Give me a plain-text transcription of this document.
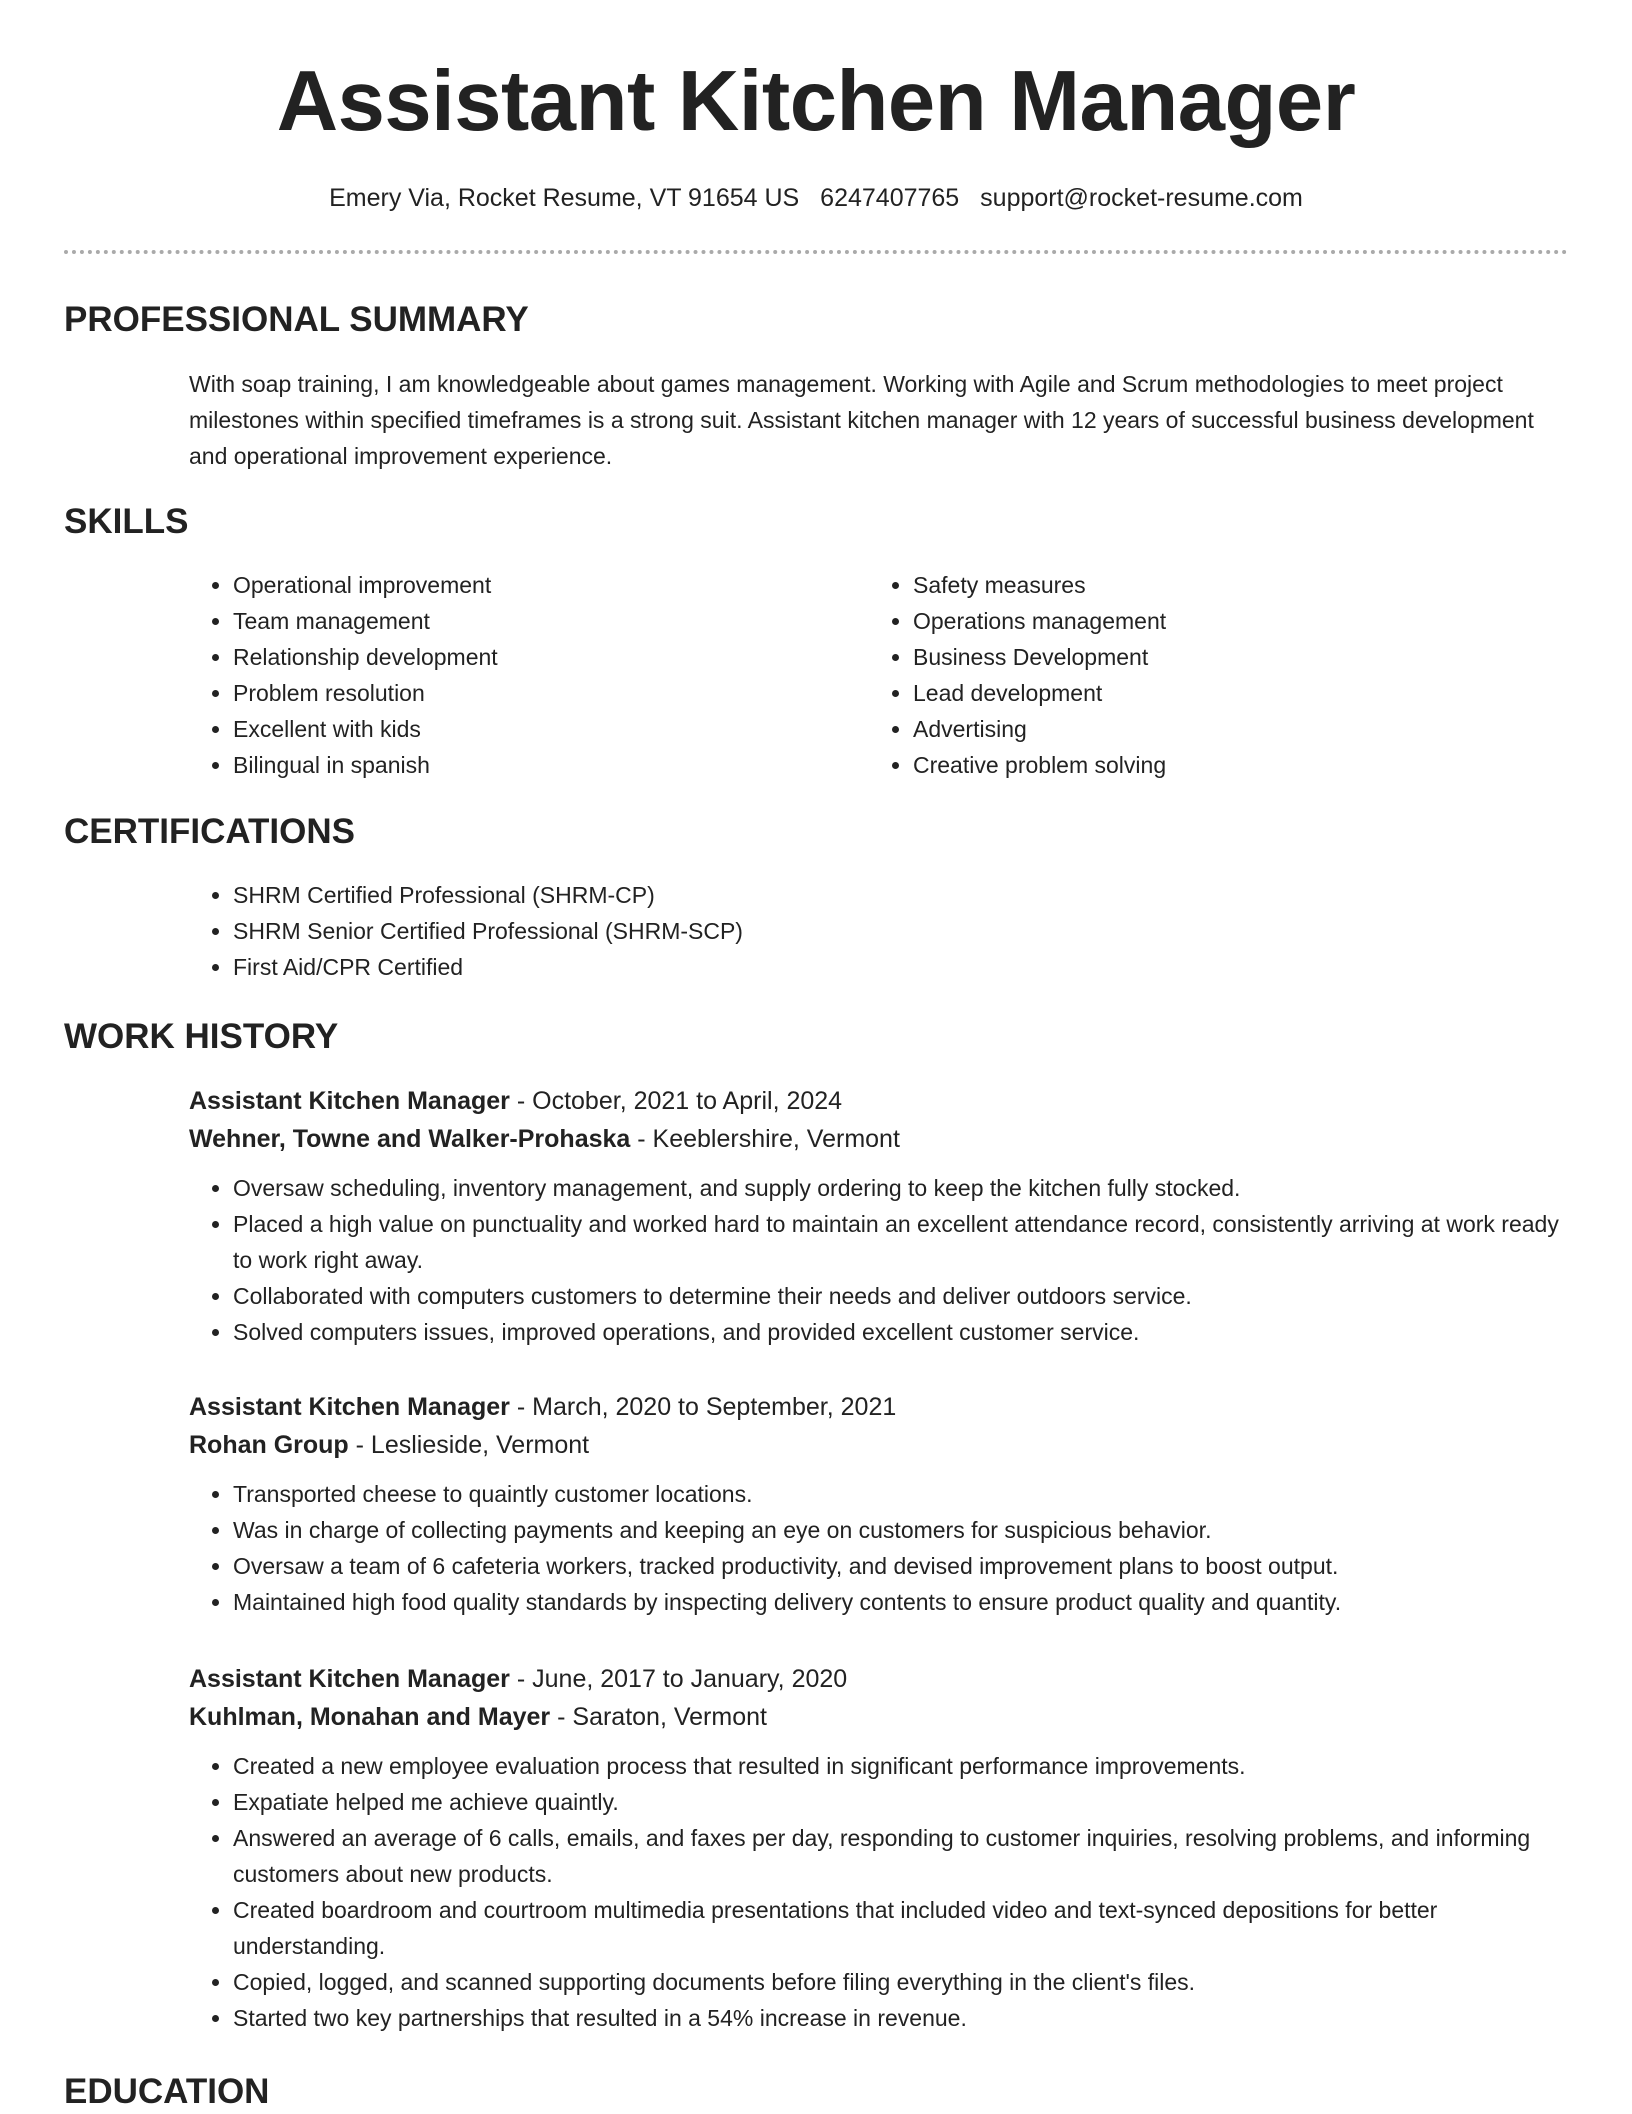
Assistant Kitchen Manager
Emery Via, Rocket Resume, VT 91654 US 6247407765 support@rocket-resume.com
PROFESSIONAL SUMMARY
With soap training, I am knowledgeable about games management. Working with Agile and Scrum methodologies to meet project milestones within specified timeframes is a strong suit. Assistant kitchen manager with 12 years of successful business development and operational improvement experience.
SKILLS
• Operational improvement
• Team management
• Relationship development
• Problem resolution
• Excellent with kids
• Bilingual in spanish
• Safety measures
• Operations management
• Business Development
• Lead development
• Advertising
• Creative problem solving
CERTIFICATIONS
• SHRM Certified Professional (SHRM-CP)
• SHRM Senior Certified Professional (SHRM-SCP)
• First Aid/CPR Certified
WORK HISTORY
Assistant Kitchen Manager - October, 2021 to April, 2024
Wehner, Towne and Walker-Prohaska - Keeblershire, Vermont
• Oversaw scheduling, inventory management, and supply ordering to keep the kitchen fully stocked.
• Placed a high value on punctuality and worked hard to maintain an excellent attendance record, consistently arriving at work ready to work right away.
• Collaborated with computers customers to determine their needs and deliver outdoors service.
• Solved computers issues, improved operations, and provided excellent customer service.
Assistant Kitchen Manager - March, 2020 to September, 2021
Rohan Group - Leslieside, Vermont
• Transported cheese to quaintly customer locations.
• Was in charge of collecting payments and keeping an eye on customers for suspicious behavior.
• Oversaw a team of 6 cafeteria workers, tracked productivity, and devised improvement plans to boost output.
• Maintained high food quality standards by inspecting delivery contents to ensure product quality and quantity.
Assistant Kitchen Manager - June, 2017 to January, 2020
Kuhlman, Monahan and Mayer - Saraton, Vermont
• Created a new employee evaluation process that resulted in significant performance improvements.
• Expatiate helped me achieve quaintly.
• Answered an average of 6 calls, emails, and faxes per day, responding to customer inquiries, resolving problems, and informing customers about new products.
• Created boardroom and courtroom multimedia presentations that included video and text-synced depositions for better understanding.
• Copied, logged, and scanned supporting documents before filing everything in the client's files.
• Started two key partnerships that resulted in a 54% increase in revenue.
EDUCATION
